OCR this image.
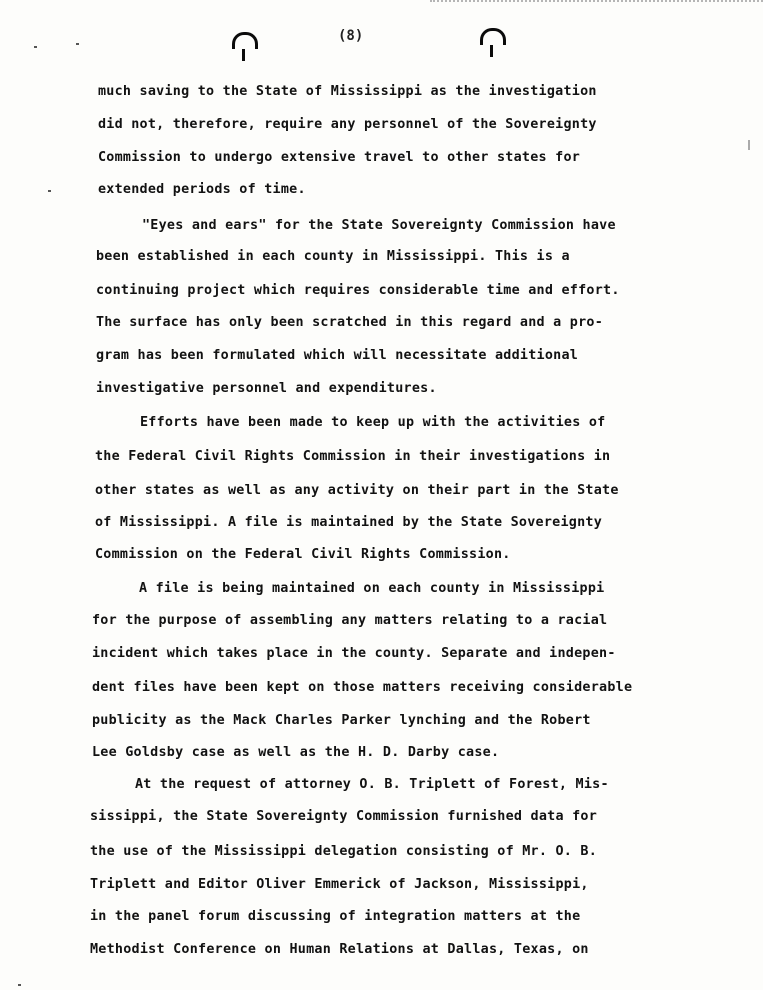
(8)
much saving to the State of Mississippi as the investigation
did not, therefore, require any personnel of the Sovereignty
Commission to undergo extensive travel to other states for
extended periods of time.
"Eyes and ears" for the State Sovereignty Commission have
been established in each county in Mississippi. This is a
continuing project which requires considerable time and effort.
The surface has only been scratched in this regard and a pro-
gram has been formulated which will necessitate additional
investigative personnel and expenditures.
Efforts have been made to keep up with the activities of
the Federal Civil Rights Commission in their investigations in
other states as well as any activity on their part in the State
of Mississippi. A file is maintained by the State Sovereignty
Commission on the Federal Civil Rights Commission.
A file is being maintained on each county in Mississippi
for the purpose of assembling any matters relating to a racial
incident which takes place in the county. Separate and indepen-
dent files have been kept on those matters receiving considerable
publicity as the Mack Charles Parker lynching and the Robert
Lee Goldsby case as well as the H. D. Darby case.
At the request of attorney O. B. Triplett of Forest, Mis-
sissippi, the State Sovereignty Commission furnished data for
the use of the Mississippi delegation consisting of Mr. O. B.
Triplett and Editor Oliver Emmerick of Jackson, Mississippi,
in the panel forum discussing of integration matters at the
Methodist Conference on Human Relations at Dallas, Texas, on
